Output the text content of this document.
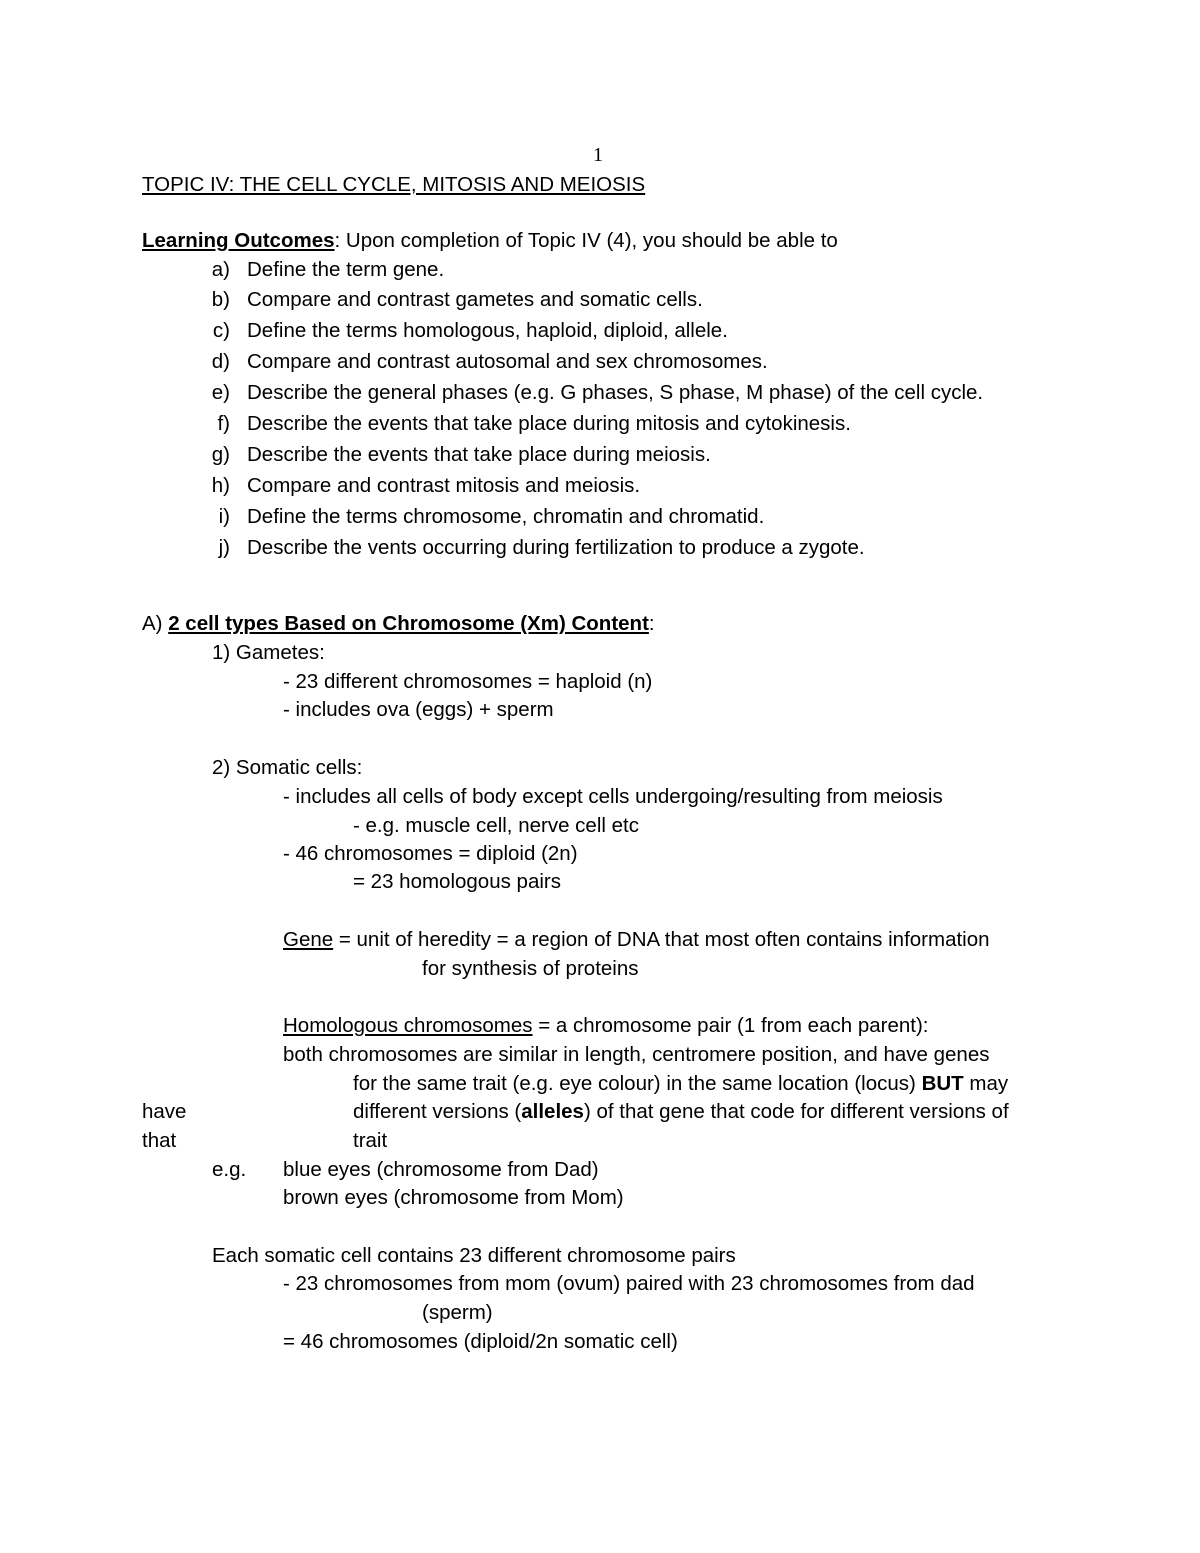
1
TOPIC IV: THE CELL CYCLE, MITOSIS AND MEIOSIS
Learning Outcomes: Upon completion of Topic IV (4), you should be able to
a) Define the term gene.
b) Compare and contrast gametes and somatic cells.
c) Define the terms homologous, haploid, diploid, allele.
d) Compare and contrast autosomal and sex chromosomes.
e) Describe the general phases (e.g. G phases, S phase, M phase) of the cell cycle.
f) Describe the events that take place during mitosis and cytokinesis.
g) Describe the events that take place during meiosis.
h) Compare and contrast mitosis and meiosis.
i) Define the terms chromosome, chromatin and chromatid.
j) Describe the vents occurring during fertilization to produce a zygote.
A) 2 cell types Based on Chromosome (Xm) Content:
1) Gametes:
- 23 different chromosomes = haploid (n)
- includes ova (eggs) + sperm
2) Somatic cells:
- includes all cells of body except cells undergoing/resulting from meiosis
- e.g. muscle cell, nerve cell etc
- 46 chromosomes = diploid (2n)
= 23 homologous pairs
Gene = unit of heredity = a region of DNA that most often contains information
for synthesis of proteins
Homologous chromosomes = a chromosome pair (1 from each parent):
both chromosomes are similar in length, centromere position, and have genes
for the same trait (e.g. eye colour) in the same location (locus) BUT may
have	different versions (alleles) of that gene that code for different versions of
that	trait
e.g. blue eyes (chromosome from Dad)
brown eyes (chromosome from Mom)
Each somatic cell contains 23 different chromosome pairs
- 23 chromosomes from mom (ovum) paired with 23 chromosomes from dad
(sperm)
= 46 chromosomes (diploid/2n somatic cell)
